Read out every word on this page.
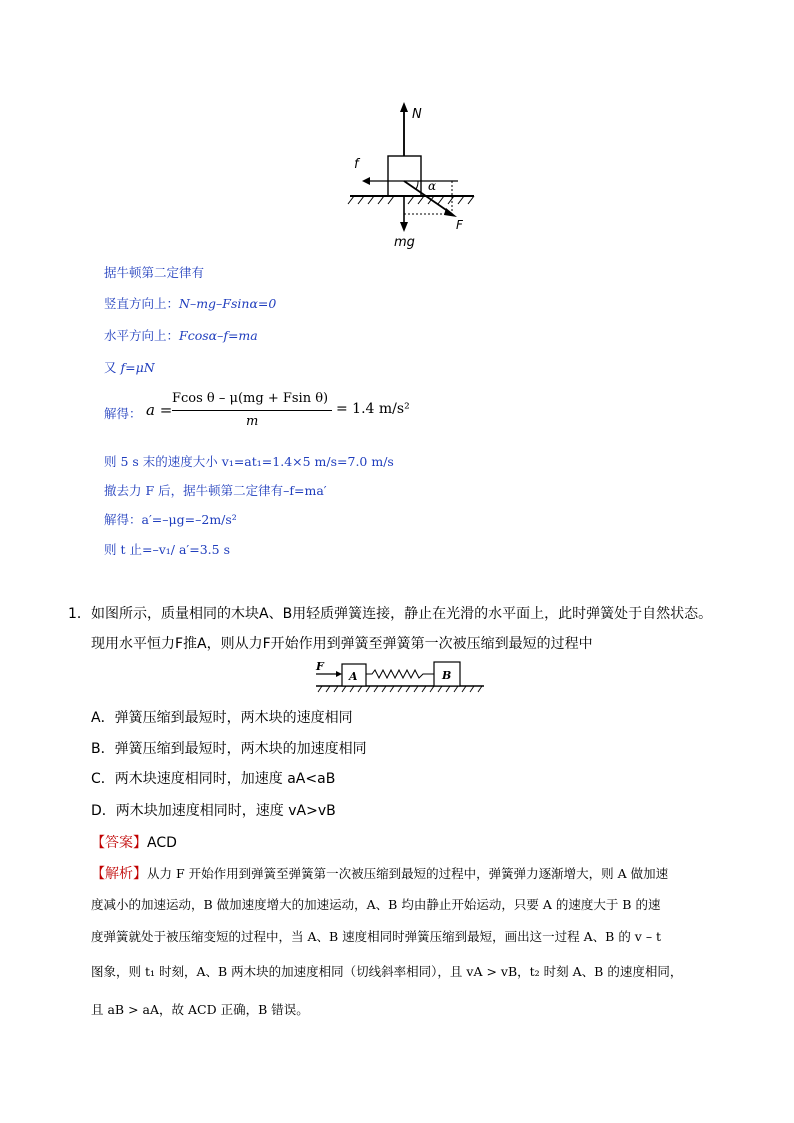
N
f
α
F
mg
据牛顿第二定律有
竖直方向上：N–mg–Fsinα=0
水平方向上：Fcosα–f=ma
又 f=μN
解得： a =
Fcos θ – μ(mg + Fsin θ)
m
= 1.4 m/s²
则 5 s 末的速度大小 v₁=at₁=1.4×5 m/s=7.0 m/s
撤去力 F 后，据牛顿第二定律有–f=ma′
解得：a′=–μg=–2m/s²
则 t 止=–v₁/ a′=3.5 s
1． 如图所示，质量相同的木块A、B用轻质弹簧连接，静止在光滑的水平面上，此时弹簧处于自然状态。
现用水平恒力F推A，则从力F开始作用到弹簧至弹簧第一次被压缩到最短的过程中
F
A	B
A．弹簧压缩到最短时，两木块的速度相同
B．弹簧压缩到最短时，两木块的加速度相同
C．两木块速度相同时，加速度 aA<aB
D．两木块加速度相同时，速度 vA>vB
【答案】ACD
【解析】从力 F 开始作用到弹簧至弹簧第一次被压缩到最短的过程中，弹簧弹力逐渐增大，则 A 做加速
度减小的加速运动，B 做加速度增大的加速运动，A、B 均由静止开始运动，只要 A 的速度大于 B 的速
度弹簧就处于被压缩变短的过程中，当 A、B 速度相同时弹簧压缩到最短，画出这一过程 A、B 的 v – t
图象，则 t₁ 时刻，A、B 两木块的加速度相同（切线斜率相同），且 vA > vB，t₂ 时刻 A、B 的速度相同，
且 aB > aA，故 ACD 正确，B 错误。
